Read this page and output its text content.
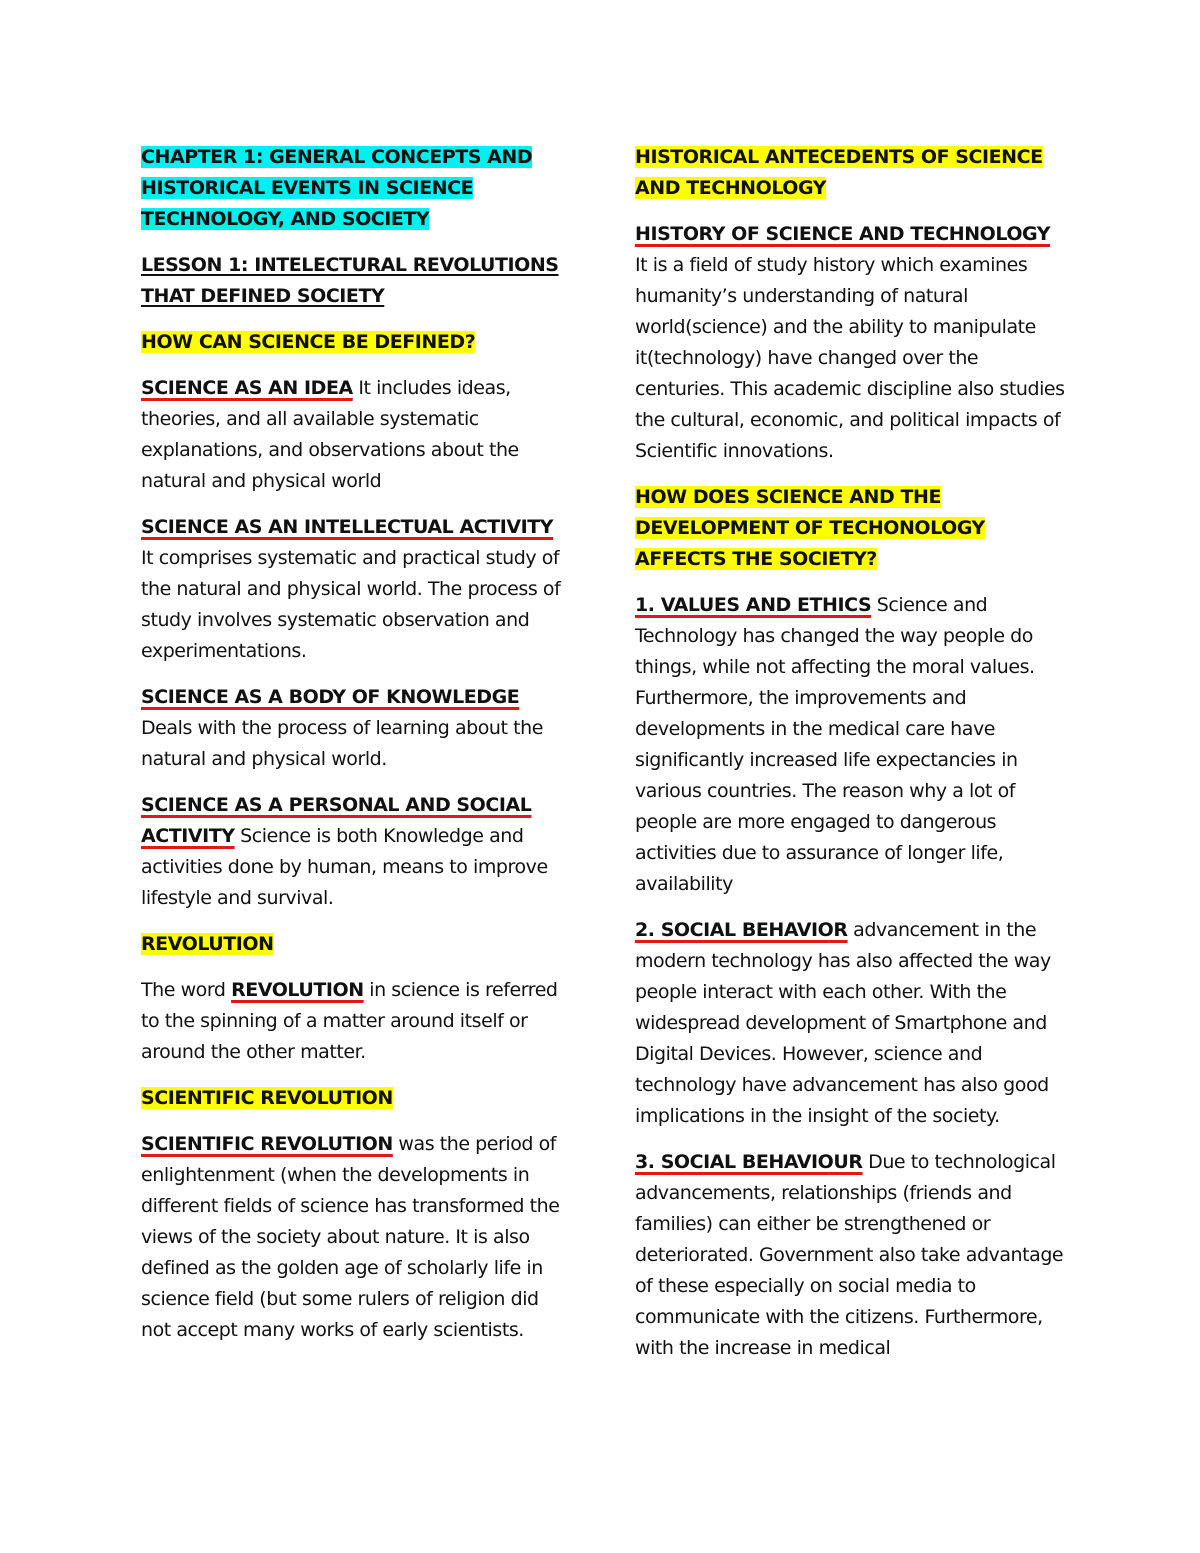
CHAPTER 1: GENERAL CONCEPTS AND HISTORICAL EVENTS IN SCIENCE TECHNOLOGY, AND SOCIETY

LESSON 1: INTELECTURAL REVOLUTIONS THAT DEFINED SOCIETY

HOW CAN SCIENCE BE DEFINED?

SCIENCE AS AN IDEA It includes ideas, theories, and all available systematic explanations, and observations about the natural and physical world

SCIENCE AS AN INTELLECTUAL ACTIVITY It comprises systematic and practical study of the natural and physical world. The process of study involves systematic observation and experimentations.

SCIENCE AS A BODY OF KNOWLEDGE Deals with the process of learning about the natural and physical world.

SCIENCE AS A PERSONAL AND SOCIAL ACTIVITY Science is both Knowledge and activities done by human, means to improve lifestyle and survival.

REVOLUTION

The word REVOLUTION in science is referred to the spinning of a matter around itself or around the other matter.

SCIENTIFIC REVOLUTION

SCIENTIFIC REVOLUTION was the period of enlightenment (when the developments in different fields of science has transformed the views of the society about nature. It is also defined as the golden age of scholarly life in science field (but some rulers of religion did not accept many works of early scientists.

HISTORICAL ANTECEDENTS OF SCIENCE AND TECHNOLOGY

HISTORY OF SCIENCE AND TECHNOLOGY It is a field of study history which examines humanity’s understanding of natural world(science) and the ability to manipulate it(technology) have changed over the centuries. This academic discipline also studies the cultural, economic, and political impacts of Scientific innovations.

HOW DOES SCIENCE AND THE DEVELOPMENT OF TECHONOLOGY AFFECTS THE SOCIETY?

1. VALUES AND ETHICS Science and Technology has changed the way people do things, while not affecting the moral values. Furthermore, the improvements and developments in the medical care have significantly increased life expectancies in various countries. The reason why a lot of people are more engaged to dangerous activities due to assurance of longer life, availability

2. SOCIAL BEHAVIOR advancement in the modern technology has also affected the way people interact with each other. With the widespread development of Smartphone and Digital Devices. However, science and technology have advancement has also good implications in the insight of the society.

3. SOCIAL BEHAVIOUR Due to technological advancements, relationships (friends and families) can either be strengthened or deteriorated. Government also take advantage of these especially on social media to communicate with the citizens. Furthermore, with the increase in medical
